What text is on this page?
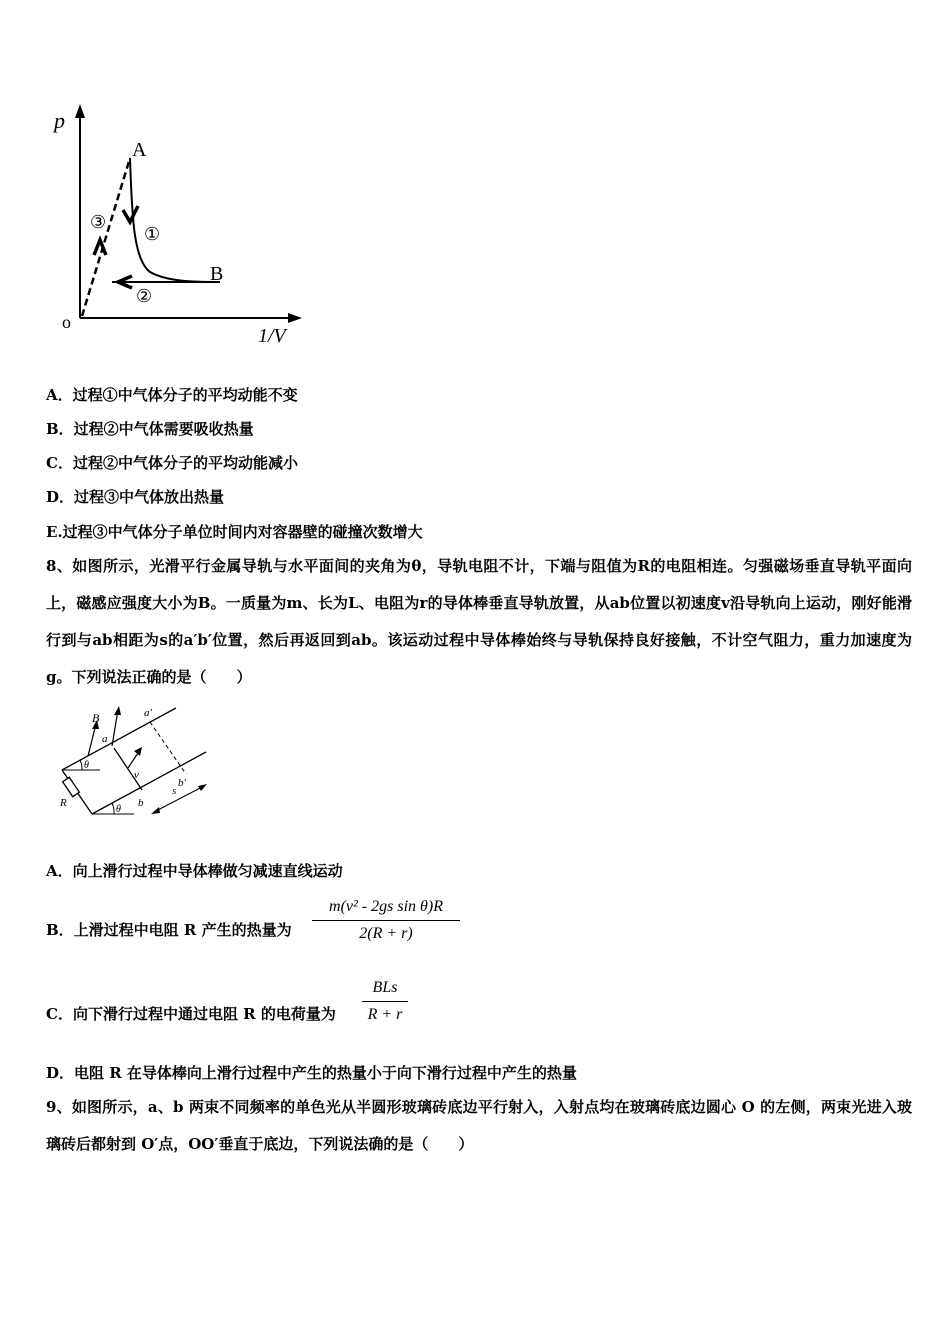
③
①
②
p
A
B
o
1/V
A．过程①中气体分子的平均动能不变
B．过程②中气体需要吸收热量
C．过程②中气体分子的平均动能减小
D．过程③中气体放出热量
E.过程③中气体分子单位时间内对容器壁的碰撞次数增大
8、如图所示，光滑平行金属导轨与水平面间的夹角为θ，导轨电阻不计，下端与阻值为R的电阻相连。匀强磁场垂直导轨平面向上，磁感应强度大小为B。一质量为m、长为L、电阻为r的导体棒垂直导轨放置，从ab位置以初速度v沿导轨向上运动，刚好能滑行到与ab相距为s的a′b′位置，然后再返回到ab。该运动过程中导体棒始终与导轨保持良好接触，不计空气阻力，重力加速度为g。下列说法正确的是（　　）
B
a
a′
b
b′
v
R
θ
θ
s
A．向上滑行过程中导体棒做匀减速直线运动
B．上滑过程中电阻 R 产生的热量为 $\frac{\text{m(v² - 2gs sin θ)R}}{2(R + r)}$
C．向下滑行过程中通过电阻 R 的电荷量为
BLs
R + r
D．电阻 R 在导体棒向上滑行过程中产生的热量小于向下滑行过程中产生的热量
9、如图所示，a、b 两束不同频率的单色光从半圆形玻璃砖底边平行射入，入射点均在玻璃砖底边圆心 O 的左侧，两束光进入玻璃砖后都射到 O′点，OO′垂直于底边，下列说法确的是（　　）
